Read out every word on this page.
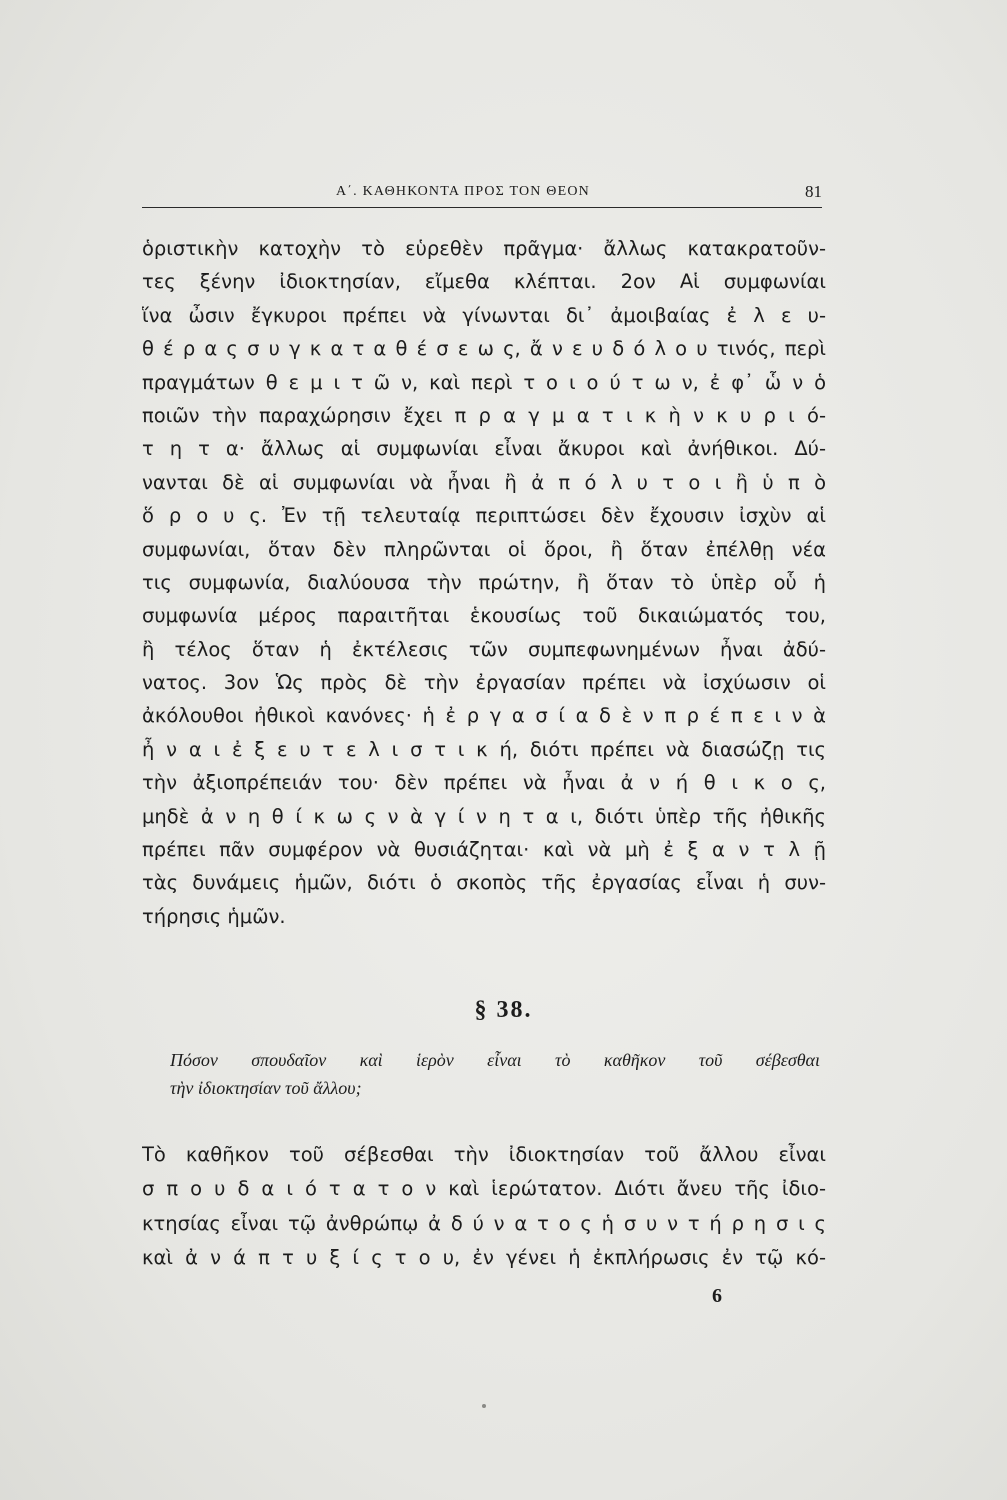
Α΄. ΚΑΘΗΚΟΝΤΑ ΠΡΟΣ ΤΟΝ ΘΕΟΝ	81
ὁριστικὴν κατοχὴν τὸ εὑρεθὲν πρᾶγμα· ἄλλως κατακρατοῦν-
τες ξένην ἰδιοκτησίαν, εἴμεθα κλέπται. 2ον Αἱ συμφωνίαι
ἵνα ὦσιν ἔγκυροι πρέπει νὰ γίνωνται δι᾽ ἀμοιβαίας ἐ λ ε υ-
θ έ ρ α ς σ υ γ κ α τ α θ έ σ ε ω ς, ἄ ν ε υ δ ό λ ο υ τινός, περὶ
πραγμάτων θ ε μ ι τ ῶ ν, καὶ περὶ τ ο ι ο ύ τ ω ν, ἐ φ᾽ ὧ ν ὁ
ποιῶν τὴν παραχώρησιν ἔχει π ρ α γ μ α τ ι κ ὴ ν κ υ ρ ι ό-
τ η τ α· ἄλλως αἱ συμφωνίαι εἶναι ἄκυροι καὶ ἀνήθικοι. Δύ-
νανται δὲ αἱ συμφωνίαι νὰ ἦναι ἢ ἀ π ό λ υ τ ο ι ἢ ὑ π ὸ
ὅ ρ ο υ ς. Ἐν τῇ τελευταίᾳ περιπτώσει δὲν ἔχουσιν ἰσχὺν αἱ
συμφωνίαι, ὅταν δὲν πληρῶνται οἱ ὅροι, ἢ ὅταν ἐπέλθῃ νέα
τις συμφωνία, διαλύουσα τὴν πρώτην, ἢ ὅταν τὸ ὑπὲρ οὗ ἡ
συμφωνία μέρος παραιτῆται ἑκουσίως τοῦ δικαιώματός του,
ἢ τέλος ὅταν ἡ ἐκτέλεσις τῶν συμπεφωνημένων ἦναι ἀδύ-
νατος. 3ον Ὡς πρὸς δὲ τὴν ἐργασίαν πρέπει νὰ ἰσχύωσιν οἱ
ἀκόλουθοι ἠθικοὶ κανόνες· ἡ ἐ ρ γ α σ ί α δ ὲ ν π ρ έ π ε ι ν ὰ
ἦ ν α ι ἐ ξ ε υ τ ε λ ι σ τ ι κ ή, διότι πρέπει νὰ διασώζῃ τις
τὴν ἀξιοπρέπειάν του· δὲν πρέπει νὰ ἦναι ἀ ν ή θ ι κ ο ς,
μηδὲ ἀ ν η θ ί κ ω ς ν ὰ γ ί ν η τ α ι, διότι ὑπὲρ τῆς ἠθικῆς
πρέπει πᾶν συμφέρον νὰ θυσιάζηται· καὶ νὰ μὴ ἐ ξ α ν τ λ ῇ
τὰς δυνάμεις ἡμῶν, διότι ὁ σκοπὸς τῆς ἐργασίας εἶναι ἡ συν-
τήρησις ἡμῶν.
§ 38.
Πόσον σπουδαῖον καὶ ἱερὸν εἶναι τὸ καθῆκον τοῦ σέβεσθαι
τὴν ἰδιοκτησίαν τοῦ ἄλλου;
Τὸ καθῆκον τοῦ σέβεσθαι τὴν ἰδιοκτησίαν τοῦ ἄλλου εἶναι
σ π ο υ δ α ι ό τ α τ ο ν καὶ ἱερώτατον. Διότι ἄνευ τῆς ἰδιο-
κτησίας εἶναι τῷ ἀνθρώπῳ ἀ δ ύ ν α τ ο ς ἡ σ υ ν τ ή ρ η σ ι ς
καὶ ἀ ν ά π τ υ ξ ί ς τ ο υ, ἐν γένει ἡ ἐκπλήρωσις ἐν τῷ κό-
6
